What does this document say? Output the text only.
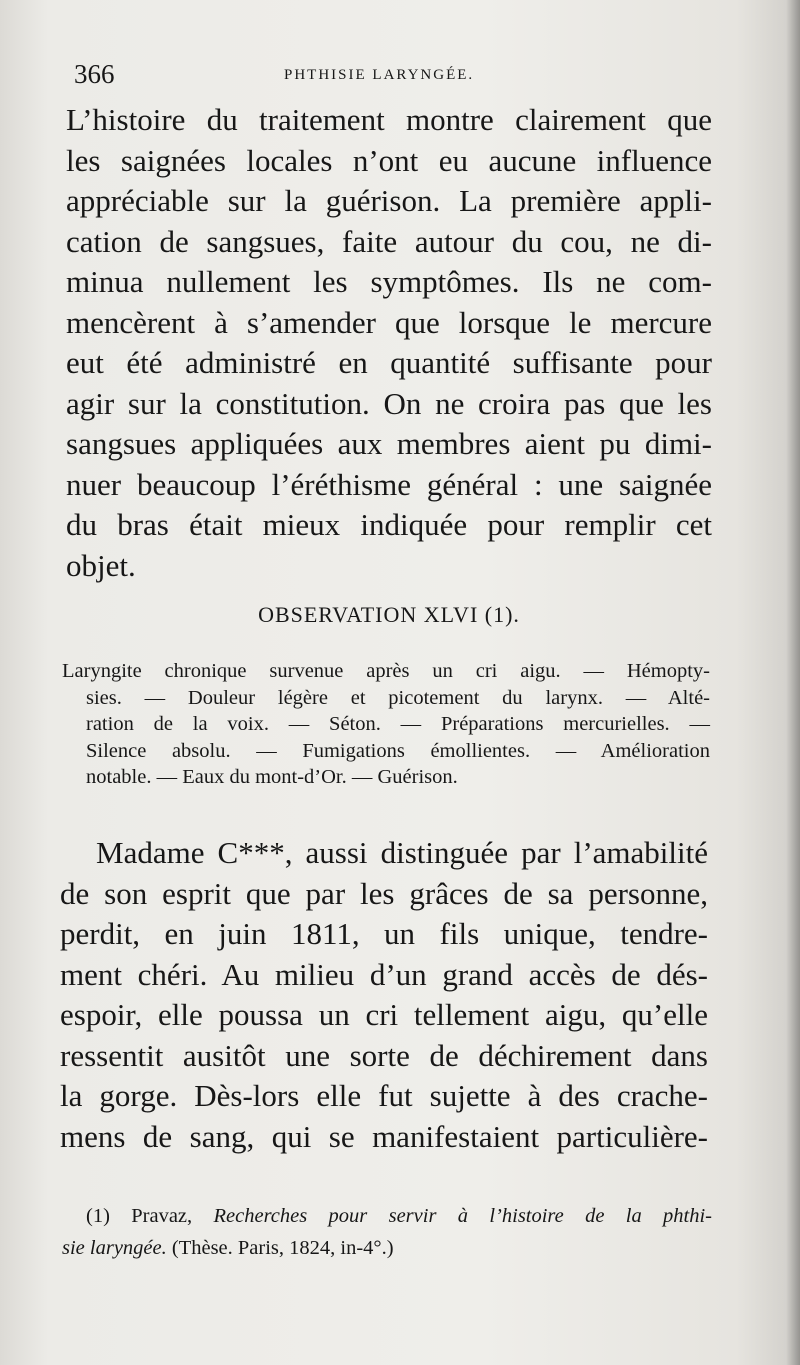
366	PHTHISIE LARYNGÉE.
L’histoire du traitement montre clairement que
les saignées locales n’ont eu aucune influence
appréciable sur la guérison. La première appli-
cation de sangsues, faite autour du cou, ne di-
minua nullement les symptômes. Ils ne com-
mencèrent à s’amender que lorsque le mercure
eut été administré en quantité suffisante pour
agir sur la constitution. On ne croira pas que les
sangsues appliquées aux membres aient pu dimi-
nuer beaucoup l’éréthisme général : une saignée
du bras était mieux indiquée pour remplir cet
objet.
OBSERVATION XLVI (1).
Laryngite chronique survenue après un cri aigu. — Hémopty-
sies. — Douleur légère et picotement du larynx. — Alté-
ration de la voix. — Séton. — Préparations mercurielles. —
Silence absolu. — Fumigations émollientes. — Amélioration
notable. — Eaux du mont-d’Or. — Guérison.
Madame C***, aussi distinguée par l’amabilité
de son esprit que par les grâces de sa personne,
perdit, en juin 1811, un fils unique, tendre-
ment chéri. Au milieu d’un grand accès de dés-
espoir, elle poussa un cri tellement aigu, qu’elle
ressentit ausitôt une sorte de déchirement dans
la gorge. Dès-lors elle fut sujette à des crache-
mens de sang, qui se manifestaient particulière-
(1) Pravaz, Recherches pour servir à l’histoire de la phthi-
sie laryngée. (Thèse. Paris, 1824, in-4°.)
